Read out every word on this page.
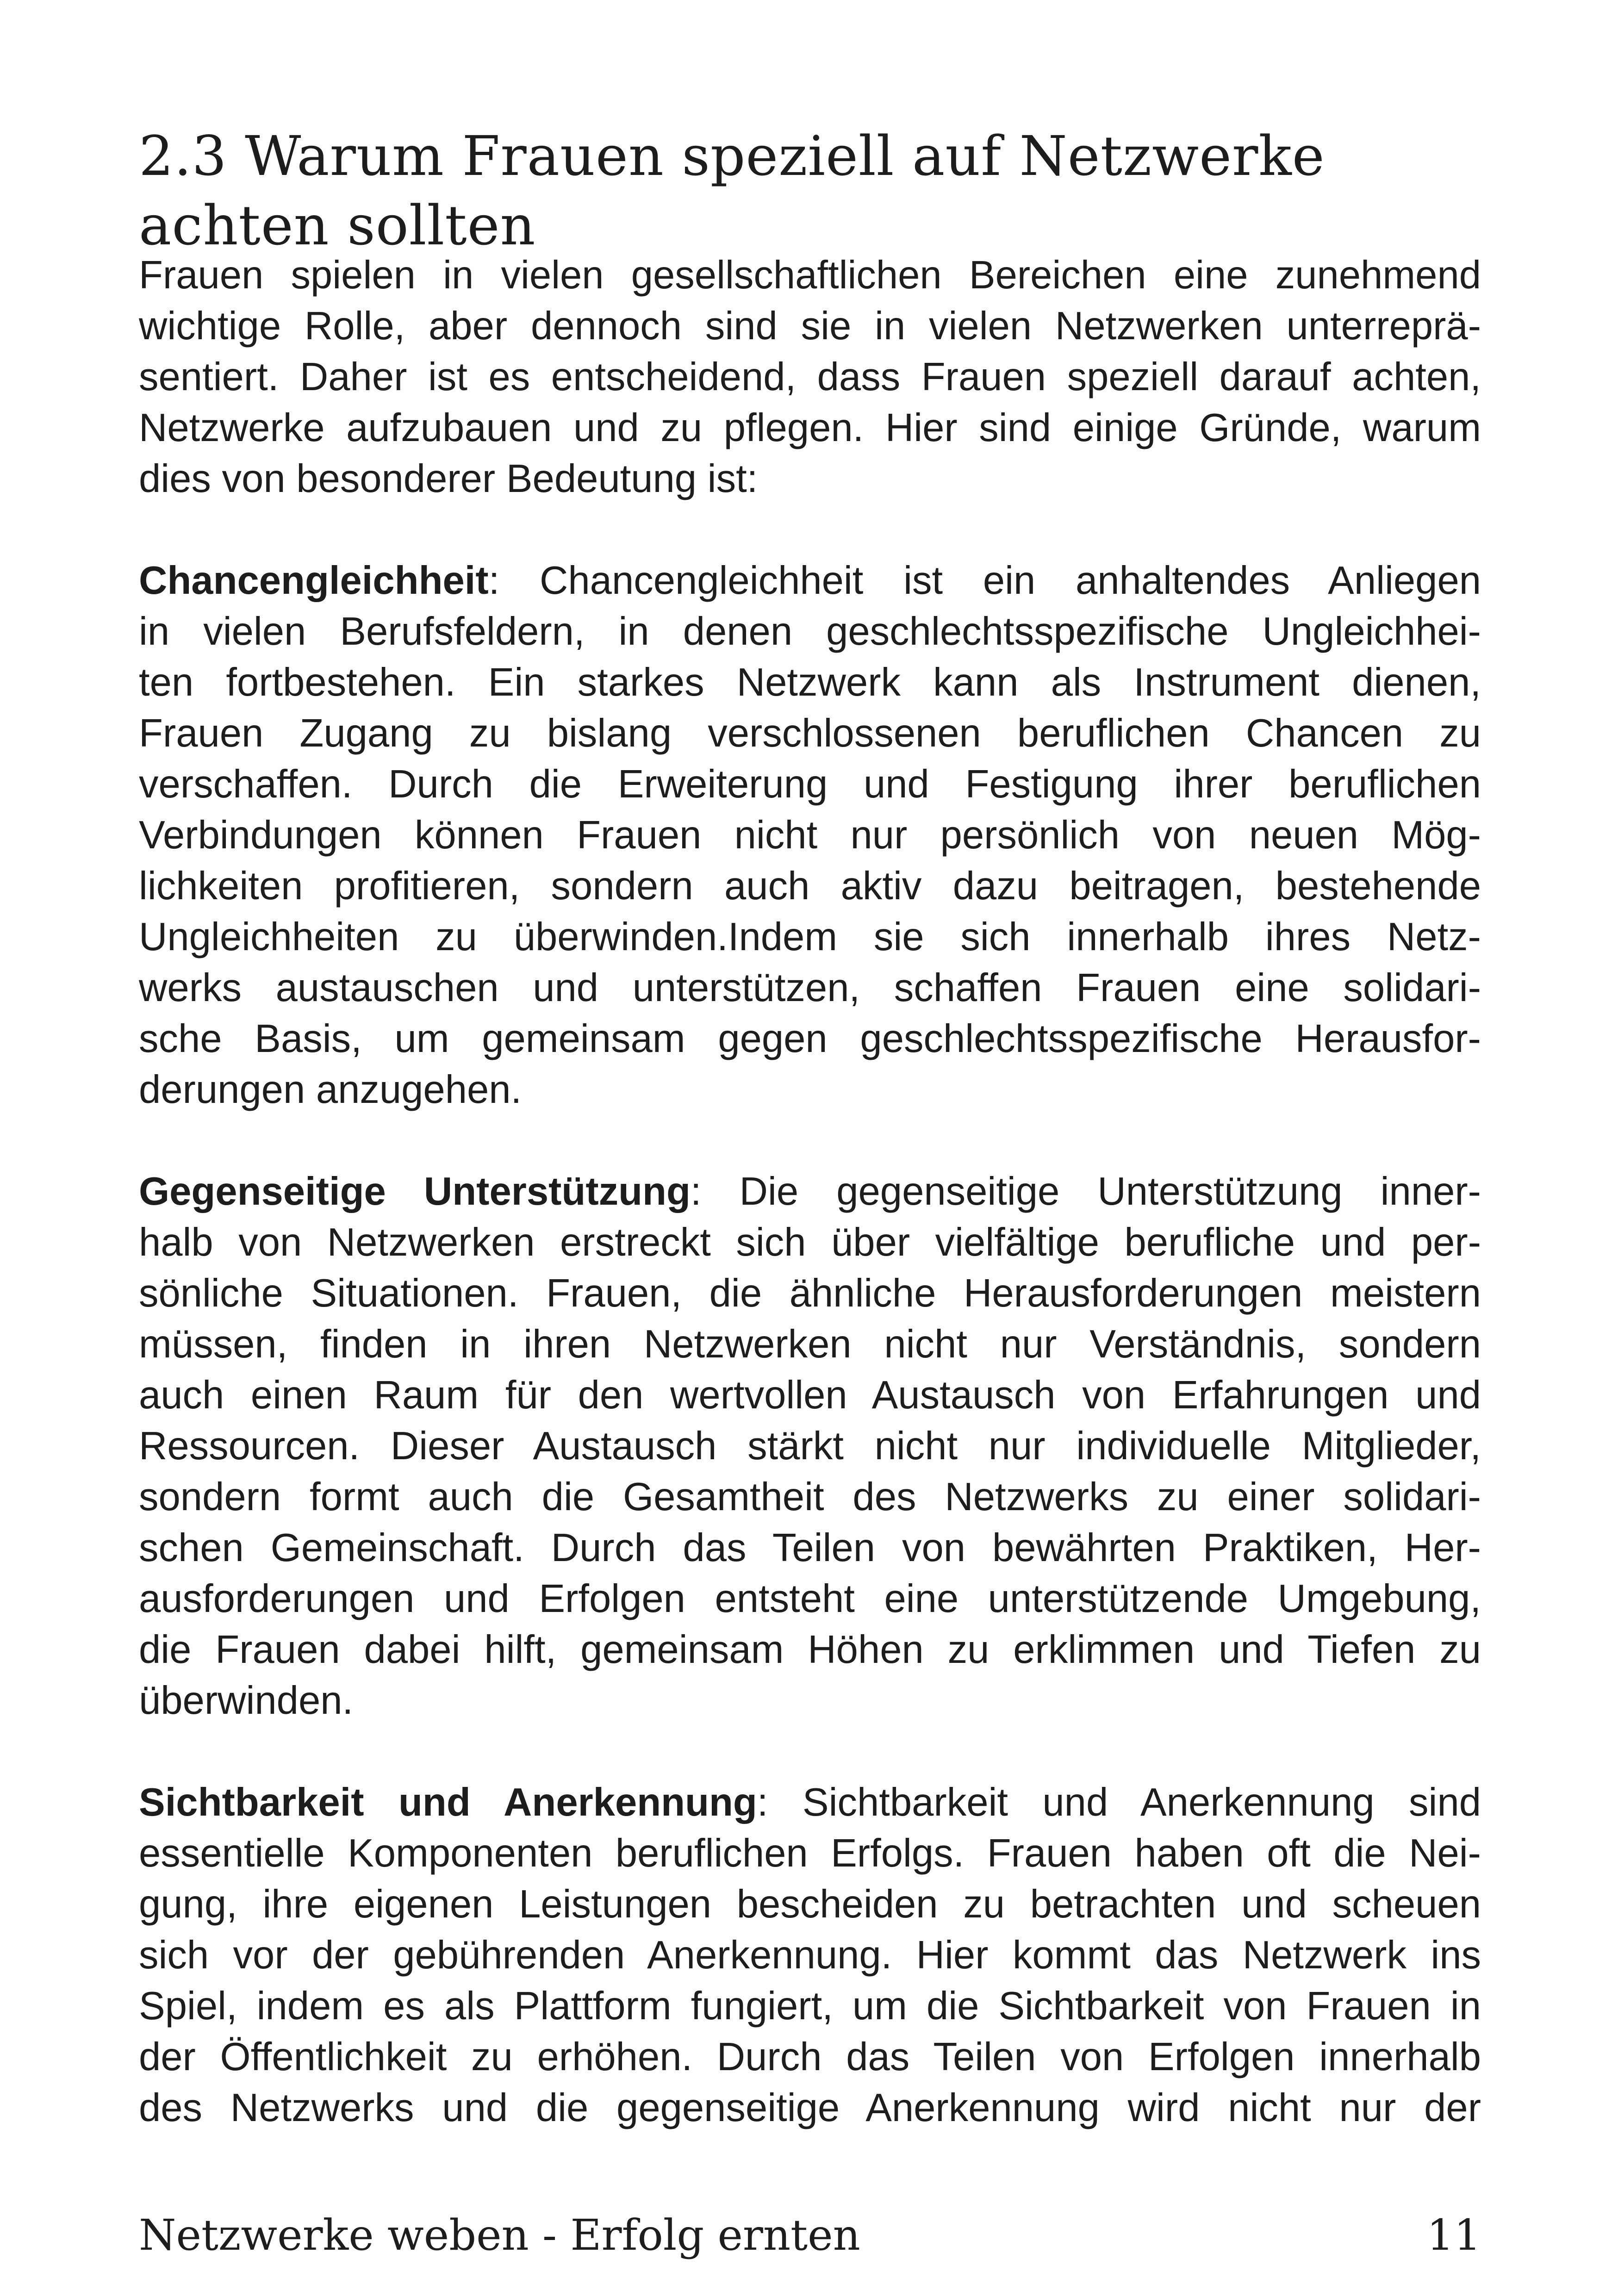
2.3 Warum Frauen speziell auf Netzwerke
achten sollten
Frauen spielen in vielen gesellschaftlichen Bereichen eine zunehmend
wichtige Rolle, aber dennoch sind sie in vielen Netzwerken unterreprä-
sentiert. Daher ist es entscheidend, dass Frauen speziell darauf achten,
Netzwerke aufzubauen und zu pflegen. Hier sind einige Gründe, warum
dies von besonderer Bedeutung ist:
Chancengleichheit: Chancengleichheit ist ein anhaltendes Anliegen
in vielen Berufsfeldern, in denen geschlechtsspezifische Ungleichhei-
ten fortbestehen. Ein starkes Netzwerk kann als Instrument dienen,
Frauen Zugang zu bislang verschlossenen beruflichen Chancen zu
verschaffen. Durch die Erweiterung und Festigung ihrer beruflichen
Verbindungen können Frauen nicht nur persönlich von neuen Mög-
lichkeiten profitieren, sondern auch aktiv dazu beitragen, bestehende
Ungleichheiten zu überwinden.Indem sie sich innerhalb ihres Netz-
werks austauschen und unterstützen, schaffen Frauen eine solidari-
sche Basis, um gemeinsam gegen geschlechtsspezifische Herausfor-
derungen anzugehen.
Gegenseitige Unterstützung: Die gegenseitige Unterstützung inner-
halb von Netzwerken erstreckt sich über vielfältige berufliche und per-
sönliche Situationen. Frauen, die ähnliche Herausforderungen meistern
müssen, finden in ihren Netzwerken nicht nur Verständnis, sondern
auch einen Raum für den wertvollen Austausch von Erfahrungen und
Ressourcen. Dieser Austausch stärkt nicht nur individuelle Mitglieder,
sondern formt auch die Gesamtheit des Netzwerks zu einer solidari-
schen Gemeinschaft. Durch das Teilen von bewährten Praktiken, Her-
ausforderungen und Erfolgen entsteht eine unterstützende Umgebung,
die Frauen dabei hilft, gemeinsam Höhen zu erklimmen und Tiefen zu
überwinden.
Sichtbarkeit und Anerkennung: Sichtbarkeit und Anerkennung sind
essentielle Komponenten beruflichen Erfolgs. Frauen haben oft die Nei-
gung, ihre eigenen Leistungen bescheiden zu betrachten und scheuen
sich vor der gebührenden Anerkennung. Hier kommt das Netzwerk ins
Spiel, indem es als Plattform fungiert, um die Sichtbarkeit von Frauen in
der Öffentlichkeit zu erhöhen. Durch das Teilen von Erfolgen innerhalb
des Netzwerks und die gegenseitige Anerkennung wird nicht nur der
Netzwerke weben - Erfolg ernten	11
